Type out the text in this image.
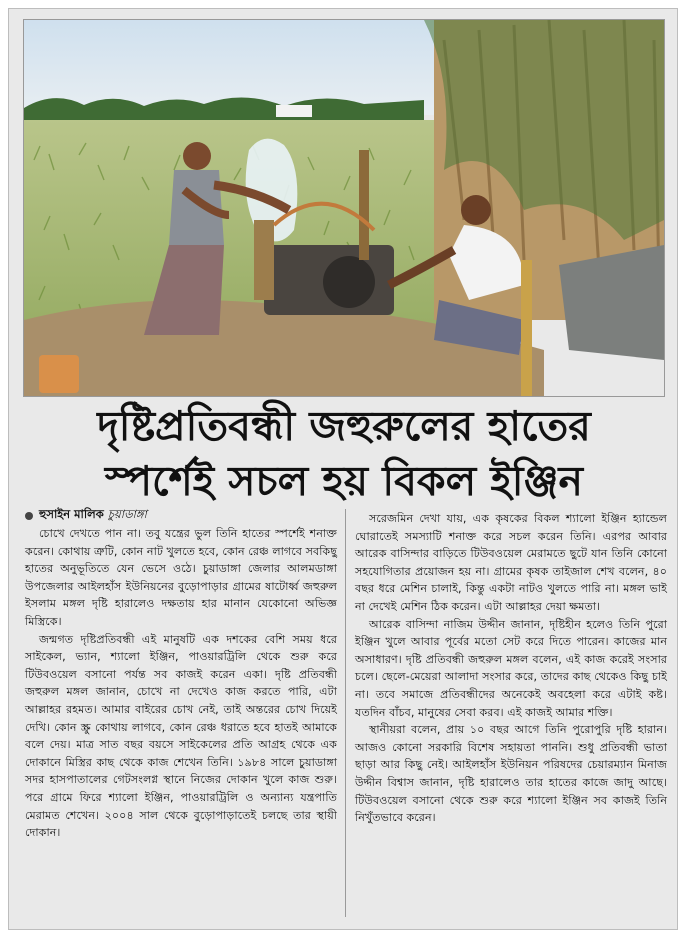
দৃষ্টিপ্রতিবন্ধী জহুরুলের হাতের
স্পর্শেই সচল হয় বিকল ইঞ্জিন
হুসাইন মালিক চুয়াডাঙ্গা

চোখে দেখতে পান না। তবু যন্ত্রের ভুল তিনি হাতের স্পর্শেই শনাক্ত করেন। কোথায় ত্রুটি, কোন নাট খুলতে হবে, কোন রেঞ্চ লাগবে সবকিছু হাতের অনুভূতিতে যেন ভেসে ওঠে। চুয়াডাঙ্গা জেলার আলমডাঙ্গা উপজেলার আইলহাঁস ইউনিয়নের বুড়োপাড়ার গ্রামের ষাটোর্ধ্ব জহুরুল ইসলাম মঙ্গল দৃষ্টি হারালেও দক্ষতায় হার মানান যেকোনো অভিজ্ঞ মিস্ত্রিকে।

জন্মগত দৃষ্টিপ্রতিবন্ধী এই মানুষটি এক দশকের বেশি সময় ধরে সাইকেল, ভ্যান, শ্যালো ইঞ্জিন, পাওয়ারট্রিলি থেকে শুরু করে টিউবওয়েল বসানো পর্যন্ত সব কাজই করেন একা। দৃষ্টি প্রতিবন্ধী জহুরুল মঙ্গল জানান, চোখে না দেখেও কাজ করতে পারি, এটা আল্লাহর রহমত। আমার বাইরের চোখ নেই, তাই অন্তরের চোখ দিয়েই দেখি। কোন স্ক্রু কোথায় লাগবে, কোন রেঞ্চ ধরাতে হবে হাতই আমাকে বলে দেয়। মাত্র সাত বছর বয়সে সাইকেলের প্রতি আগ্রহ থেকে এক দোকানে মিস্ত্রির কাছ থেকে কাজ শেখেন তিনি। ১৯৮৪ সালে চুয়াডাঙ্গা সদর হাসপাতালের গেটসংলগ্ন স্থানে নিজের দোকান খুলে কাজ শুরু। পরে গ্রামে ফিরে শ্যালো ইঞ্জিন, পাওয়ারট্রিলি ও অন্যান্য যন্ত্রপাতি মেরামত শেখেন। ২০০৪ সাল থেকে বুড়োপাড়াতেই চলছে তার স্থায়ী দোকান।

সরেজমিন দেখা যায়, এক কৃষকের বিকল শ্যালো ইঞ্জিন হ্যান্ডেল ঘোরাতেই সমস্যাটি শনাক্ত করে সচল করেন তিনি। এরপর আবার আরেক বাসিন্দার বাড়িতে টিউবওয়েল মেরামতে ছুটে যান তিনি কোনো সহযোগিতার প্রয়োজন হয় না। গ্রামের কৃষক তাইজাল শেখ বলেন, ৪০ বছর ধরে মেশিন চালাই, কিন্তু একটা নাটও খুলতে পারি না। মঙ্গল ভাই না দেখেই মেশিন ঠিক করেন। এটা আল্লাহর দেয়া ক্ষমতা।

আরেক বাসিন্দা নাজিম উদ্দীন জানান, দৃষ্টিহীন হলেও তিনি পুরো ইঞ্জিন খুলে আবার পূর্বের মতো সেট করে দিতে পারেন। কাজের মান অসাধারণ। দৃষ্টি প্রতিবন্ধী জহুরুল মঙ্গল বলেন, এই কাজ করেই সংসার চলে। ছেলে-মেয়েরা আলাদা সংসার করে, তাদের কাছ থেকেও কিছু চাই না। তবে সমাজে প্রতিবন্ধীদের অনেকেই অবহেলা করে এটাই কষ্ট। যতদিন বাঁচব, মানুষের সেবা করব। এই কাজই আমার শক্তি।

স্থানীয়রা বলেন, প্রায় ১০ বছর আগে তিনি পুরোপুরি দৃষ্টি হারান। আজও কোনো সরকারি বিশেষ সহায়তা পাননি। শুধু প্রতিবন্ধী ভাতা ছাড়া আর কিছু নেই। আইলহাঁস ইউনিয়ন পরিষদের চেয়ারম্যান মিনাজ উদ্দীন বিশ্বাস জানান, দৃষ্টি হারালেও তার হাতের কাজে জাদু আছে। টিউবওয়েল বসানো থেকে শুরু করে শ্যালো ইঞ্জিন সব কাজই তিনি নিখুঁতভাবে করেন।
